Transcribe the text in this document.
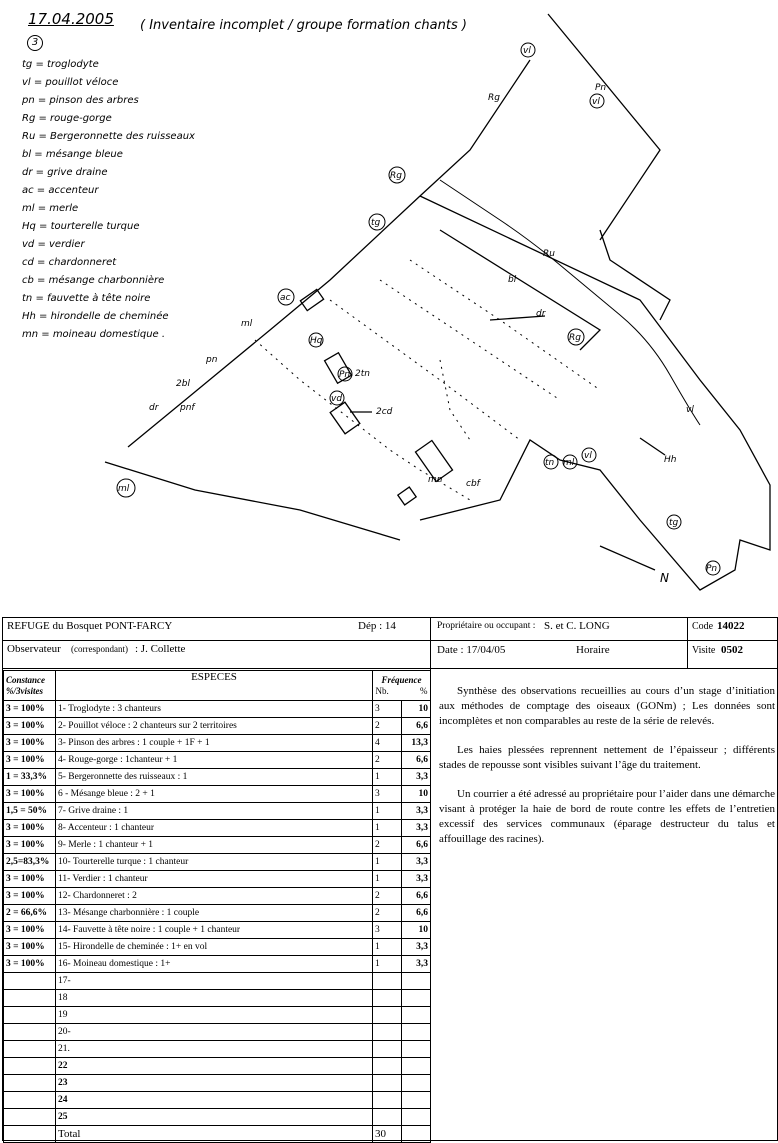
17.04.2005 ( Inventaire incomplet / groupe formation chants )
3
tg = troglodyte
vl = pouillot véloce
pn = pinson des arbres
Rg = rouge-gorge
Ru = Bergeronnette des ruisseaux
bl = mésange bleue
dr = grive draine
ac = accenteur
ml = merle
Hq = tourterelle turque
vd = verdier
cd = chardonneret
cb = mésange charbonnière
tn = fauvette à tête noire
Hh = hirondelle de cheminée
mn = moineau domestique .
vl
Pn
vl
Rg
Rg
tg
Ru
bl
dr
Rg
ac
ml
pn
Hq
Pn
vd
2cd
2tn
2bl
dr pnf
mn	cbf
ml
tn ml
vl	Hh
vl
tg
Pn
N
REFUGE du Bosquet PONT-FARCY	Dép : 14	Propriétaire ou occupant : S. et C. LONG	Code 14022
Observateur (correspondant) : J. Collette	Date : 17/04/05	Horaire	Visite 0502
Constance
%/3visites	ESPECES	Fréquence
Nb. %	
3 = 100%	1- Troglodyte : 3 chanteurs	3	10
3 = 100%	2- Pouillot véloce : 2 chanteurs sur 2 territoires	2	6,6
3 = 100%	3- Pinson des arbres : 1 couple + 1F + 1	4	13,3
3 = 100%	4- Rouge-gorge : 1chanteur + 1	2	6,6
1 = 33,3%	5- Bergeronnette des ruisseaux : 1	1	3,3
3 = 100%	6 - Mésange bleue : 2 + 1	3	10
1,5 = 50%	7- Grive draine : 1	1	3,3
3 = 100%	8- Accenteur : 1 chanteur	1	3,3
3 = 100%	9- Merle : 1 chanteur + 1	2	6,6
2,5=83,3%	10- Tourterelle turque : 1 chanteur	1	3,3
3 = 100%	11- Verdier : 1 chanteur	1	3,3
3 = 100%	12- Chardonneret : 2	2	6,6
2 = 66,6%	13- Mésange charbonnière : 1 couple	2	6,6
3 = 100%	14- Fauvette à tête noire : 1 couple + 1 chanteur	3	10
3 = 100%	15- Hirondelle de cheminée : 1+ en vol	1	3,3
3 = 100%	16- Moineau domestique : 1+	1	3,3
	17-		
	18		
	19		
	20-		
	21.		
	22		
	23		
	24		
	25		
	Total	30	

Synthèse des observations recueillies au cours d’un stage d’initiation aux méthodes de comptage des oiseaux (GONm) ; Les données sont incomplètes et non comparables au reste de la série de relevés.

Les haies plessées reprennent nettement de l’épaisseur ; différents stades de repousse sont visibles suivant l’âge du traitement.

Un courrier a été adressé au propriétaire pour l’aider dans une démarche visant à protéger la haie de bord de route contre les effets de l’entretien excessif des services communaux (éparage destructeur du talus et affouillage des racines).
